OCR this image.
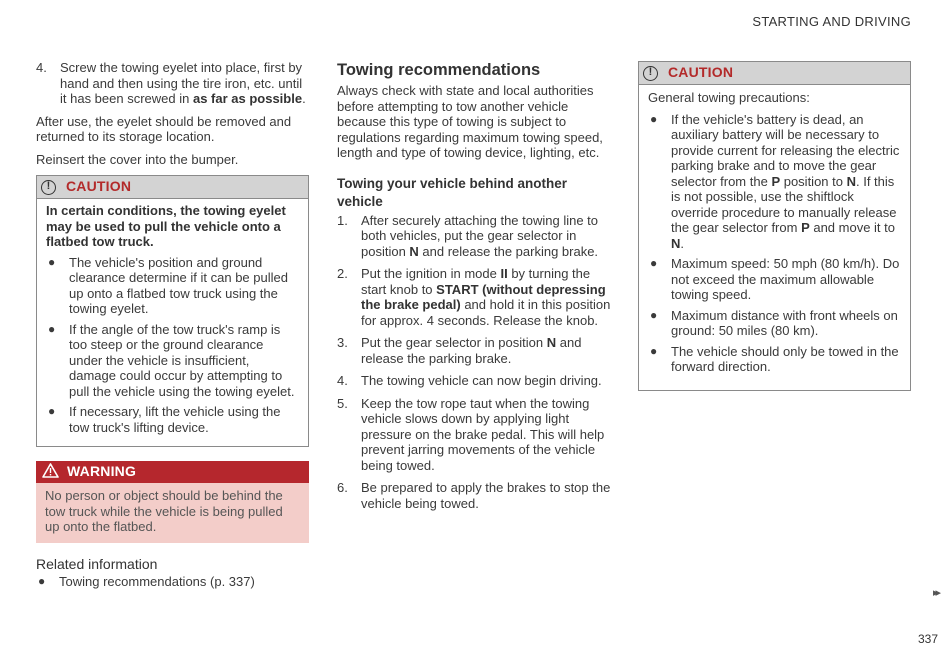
STARTING AND DRIVING
4. Screw the towing eyelet into place, first by hand and then using the tire iron, etc. until it has been screwed in as far as possible.

After use, the eyelet should be removed and returned to its storage location.

Reinsert the cover into the bumper.

!	CAUTION
In certain conditions, the towing eyelet may be used to pull the vehicle onto a flatbed tow truck.
● The vehicle's position and ground clearance determine if it can be pulled up onto a flatbed tow truck using the towing eyelet.
● If the angle of the tow truck's ramp is too steep or the ground clearance under the vehicle is insufficient, damage could occur by attempting to pull the vehicle using the towing eyelet.
● If necessary, lift the vehicle using the tow truck's lifting device.
WARNING
No person or object should be behind the tow truck while the vehicle is being pulled up onto the flatbed.
Related information
● Towing recommendations (p. 337)
Towing recommendations

Always check with state and local authorities before attempting to tow another vehicle because this type of towing is subject to regulations regarding maximum towing speed, length and type of towing device, lighting, etc.

Towing your vehicle behind another vehicle
1. After securely attaching the towing line to both vehicles, put the gear selector in position N and release the parking brake.
2. Put the ignition in mode II by turning the start knob to START (without depressing the brake pedal) and hold it in this position for approx. 4 seconds. Release the knob.
3. Put the gear selector in position N and release the parking brake.
4. The towing vehicle can now begin driving.
5. Keep the tow rope taut when the towing vehicle slows down by applying light pressure on the brake pedal. This will help prevent jarring movements of the vehicle being towed.
6. Be prepared to apply the brakes to stop the vehicle being towed.
!	CAUTION

General towing precautions:

● If the vehicle's battery is dead, an auxiliary battery will be necessary to provide current for releasing the electric parking brake and to move the gear selector from the P position to N. If this is not possible, use the shiftlock override procedure to manually release the gear selector from P and move it to N.
● Maximum speed: 50 mph (80 km/h). Do not exceed the maximum allowable towing speed.
● Maximum distance with front wheels on ground: 50 miles (80 km).
● The vehicle should only be towed in the forward direction.
▸▸
337
